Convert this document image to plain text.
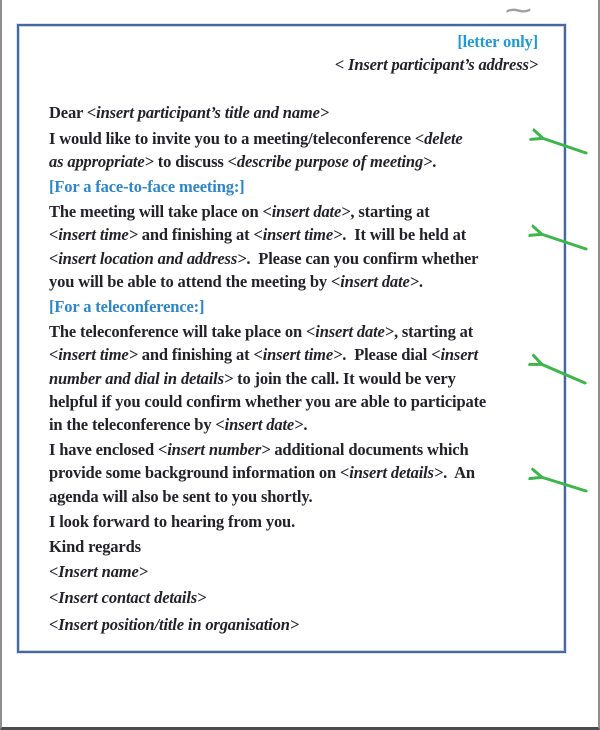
~
[letter only]
< Insert participant’s address>

Dear <insert participant’s title and name>

I would like to invite you to a meeting/teleconference <delete
as appropriate> to discuss <describe purpose of meeting>.

[For a face-to-face meeting:]

The meeting will take place on <insert date>, starting at
<insert time> and finishing at <insert time>.  It will be held at
<insert location and address>.  Please can you confirm whether
you will be able to attend the meeting by <insert date>.

[For a teleconference:]

The teleconference will take place on <insert date>, starting at
<insert time> and finishing at <insert time>.  Please dial <insert
number and dial in details> to join the call. It would be very
helpful if you could confirm whether you are able to participate
in the teleconference by <insert date>.

I have enclosed <insert number> additional documents which
provide some background information on <insert details>.  An
agenda will also be sent to you shortly.

I look forward to hearing from you.

Kind regards

<Insert name>

<Insert contact details>

<Insert position/title in organisation>
